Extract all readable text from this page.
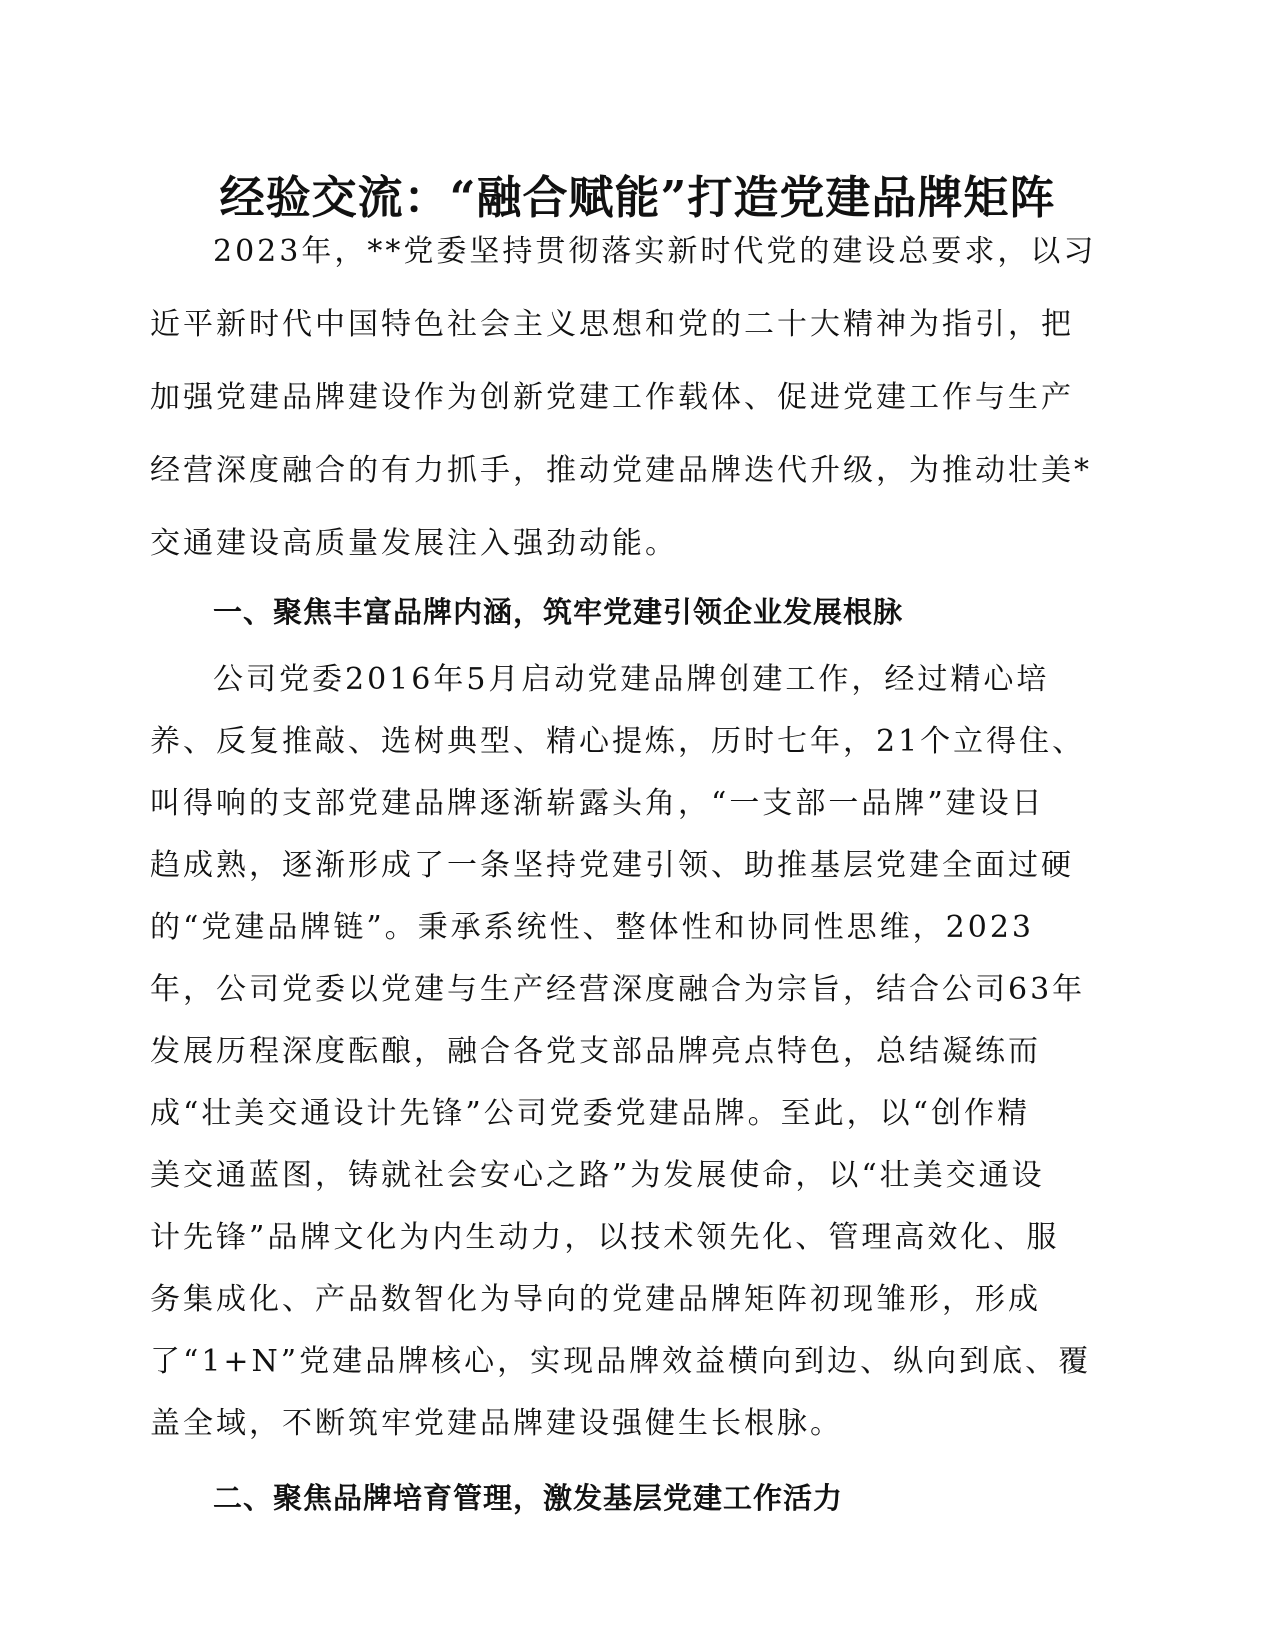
经验交流：“融合赋能”打造党建品牌矩阵
2023年，**党委坚持贯彻落实新时代党的建设总要求，以习
近平新时代中国特色社会主义思想和党的二十大精神为指引，把
加强党建品牌建设作为创新党建工作载体、促进党建工作与生产
经营深度融合的有力抓手，推动党建品牌迭代升级，为推动壮美*
交通建设高质量发展注入强劲动能。
一、聚焦丰富品牌内涵，筑牢党建引领企业发展根脉
公司党委2016年5月启动党建品牌创建工作，经过精心培
养、反复推敲、选树典型、精心提炼，历时七年，21个立得住、
叫得响的支部党建品牌逐渐崭露头角，“一支部一品牌”建设日
趋成熟，逐渐形成了一条坚持党建引领、助推基层党建全面过硬
的“党建品牌链”。秉承系统性、整体性和协同性思维，2023
年，公司党委以党建与生产经营深度融合为宗旨，结合公司63年
发展历程深度酝酿，融合各党支部品牌亮点特色，总结凝练而
成“壮美交通设计先锋”公司党委党建品牌。至此，以“创作精
美交通蓝图，铸就社会安心之路”为发展使命，以“壮美交通设
计先锋”品牌文化为内生动力，以技术领先化、管理高效化、服
务集成化、产品数智化为导向的党建品牌矩阵初现雏形，形成
了“1+N”党建品牌核心，实现品牌效益横向到边、纵向到底、覆
盖全域，不断筑牢党建品牌建设强健生长根脉。
二、聚焦品牌培育管理，激发基层党建工作活力
